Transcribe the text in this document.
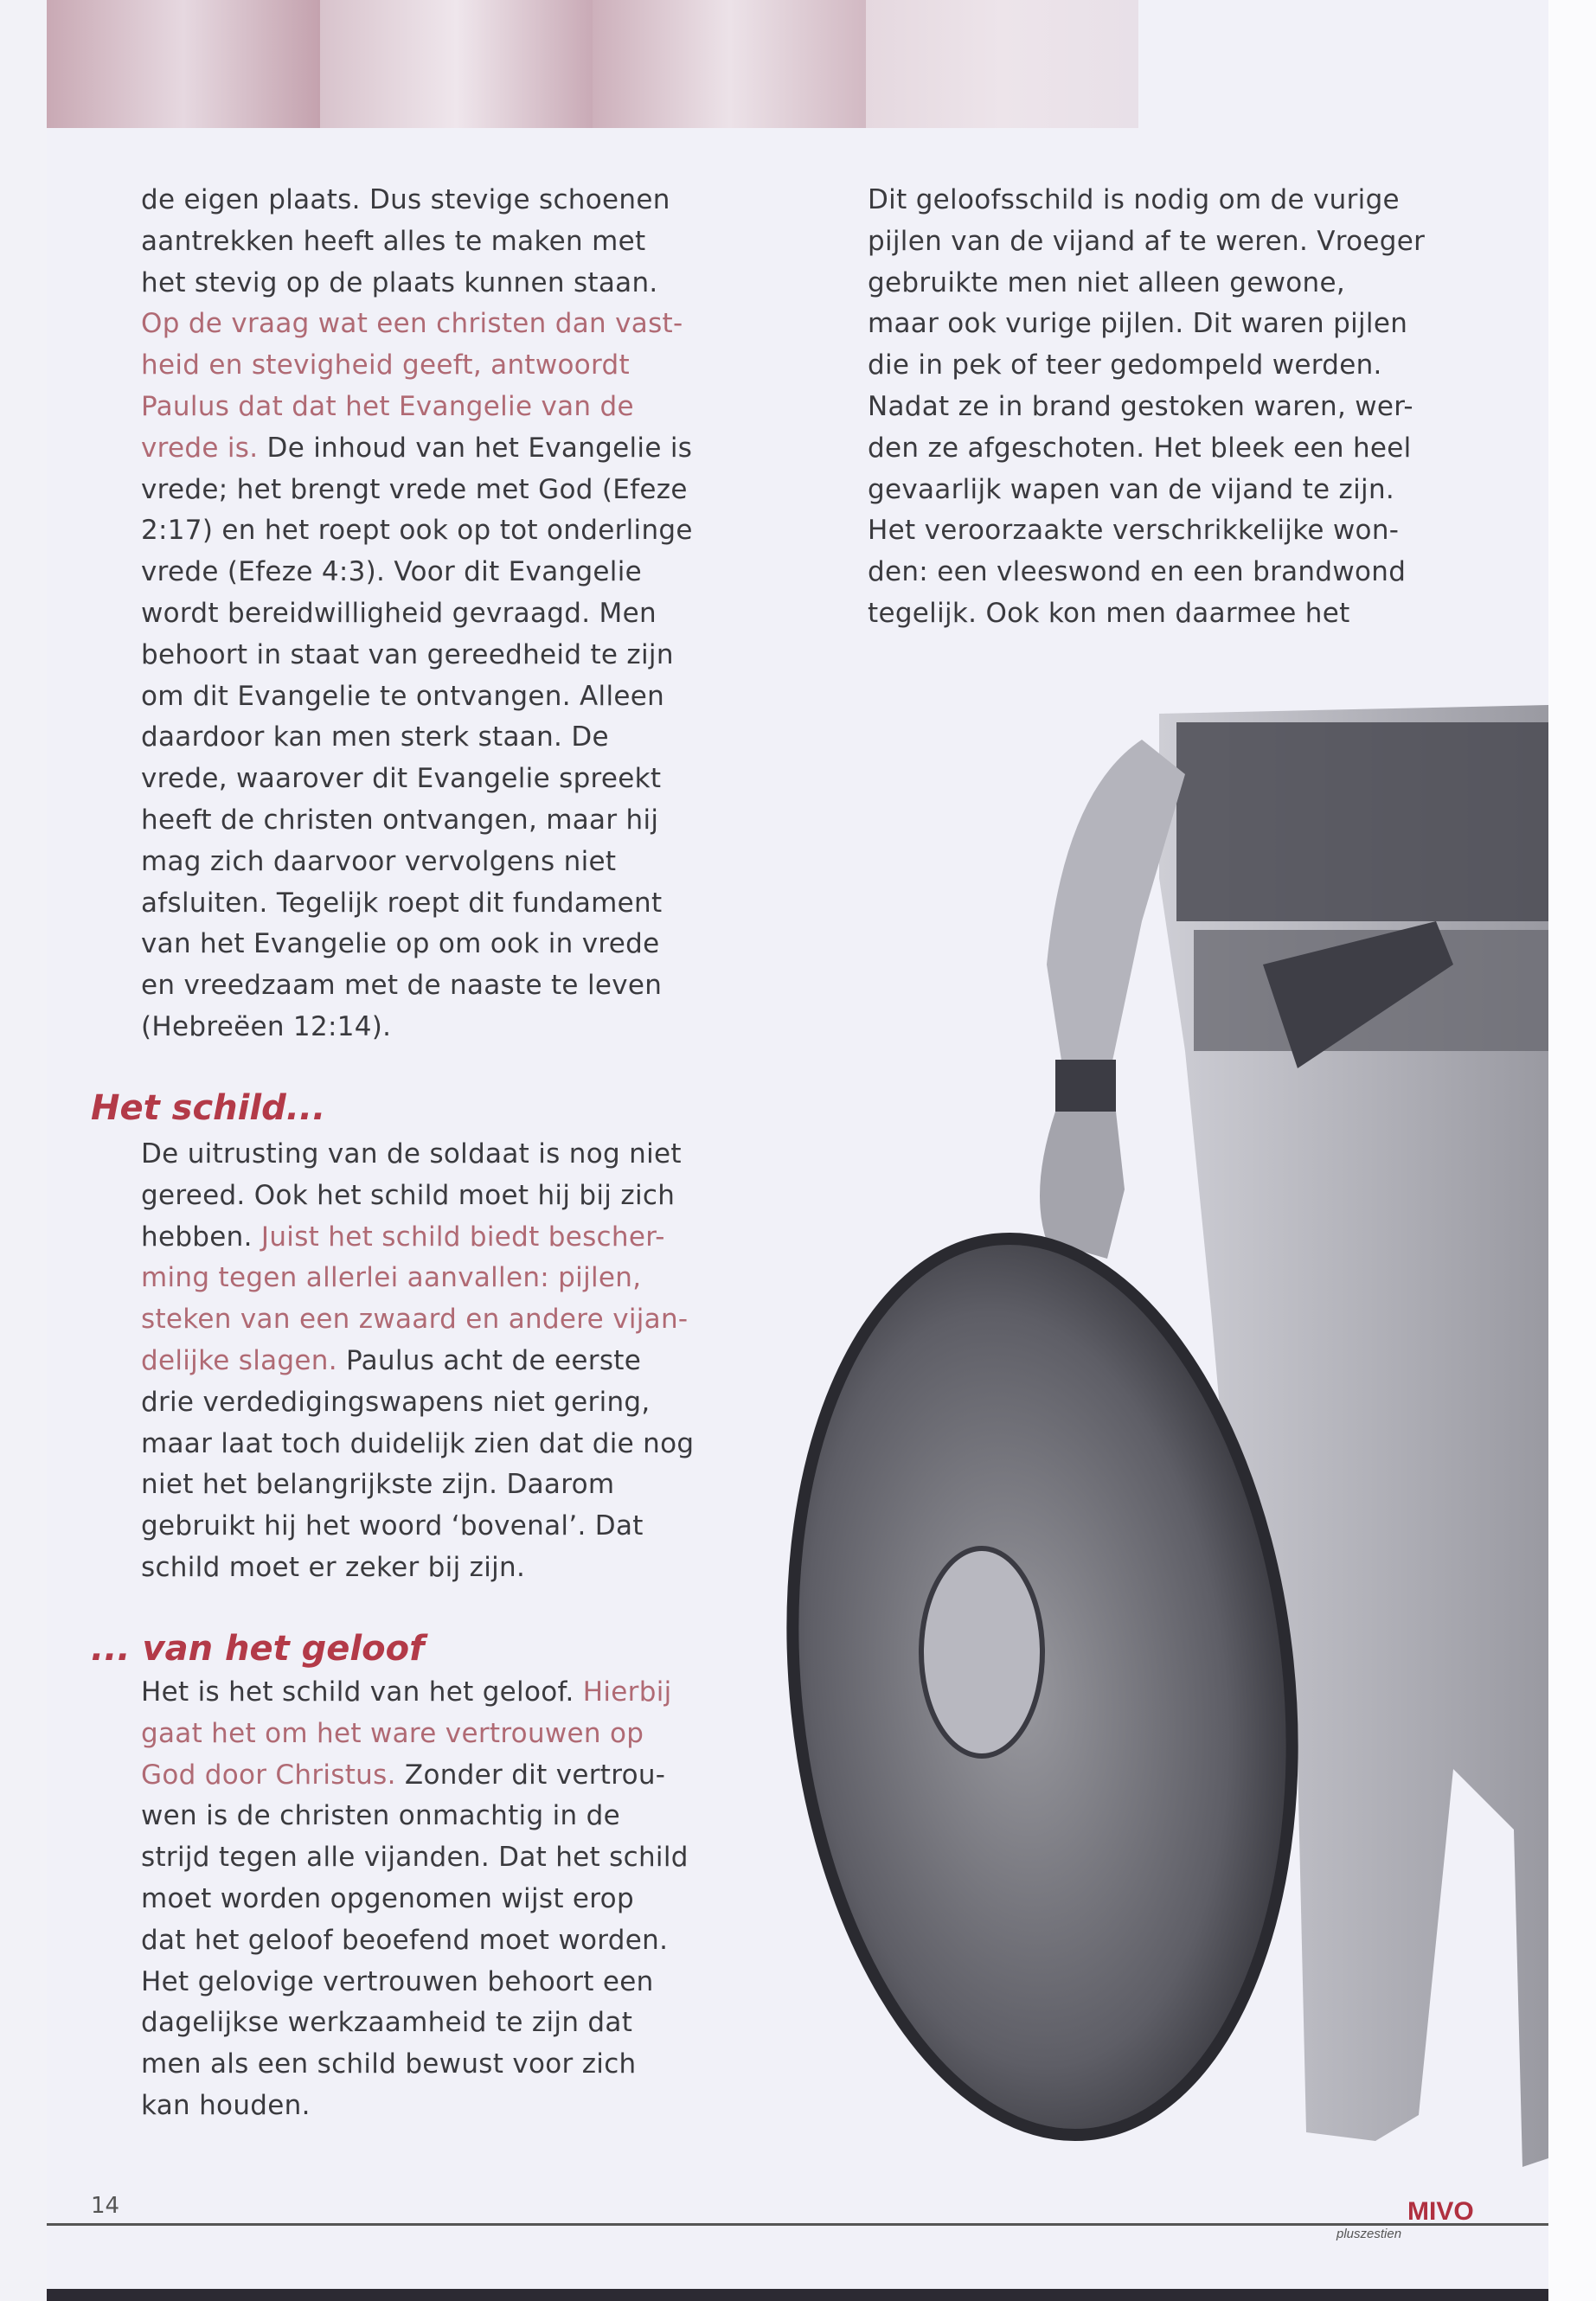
de eigen plaats. Dus stevige schoenen
aantrekken heeft alles te maken met
het stevig op de plaats kunnen staan.
Op de vraag wat een christen dan vast-
heid en stevigheid geeft, antwoordt
Paulus dat dat het Evangelie van de
vrede is. De inhoud van het Evangelie is
vrede; het brengt vrede met God (Efeze
2:17) en het roept ook op tot onderlinge
vrede (Efeze 4:3). Voor dit Evangelie
wordt bereidwilligheid gevraagd. Men
behoort in staat van gereedheid te zijn
om dit Evangelie te ontvangen. Alleen
daardoor kan men sterk staan. De
vrede, waarover dit Evangelie spreekt
heeft de christen ontvangen, maar hij
mag zich daarvoor vervolgens niet
afsluiten. Tegelijk roept dit fundament
van het Evangelie op om ook in vrede
en vreedzaam met de naaste te leven
(Hebreëen 12:14).
Het schild...
De uitrusting van de soldaat is nog niet
gereed. Ook het schild moet hij bij zich
hebben. Juist het schild biedt bescher-
ming tegen allerlei aanvallen: pijlen,
steken van een zwaard en andere vijan-
delijke slagen. Paulus acht de eerste
drie verdedigingswapens niet gering,
maar laat toch duidelijk zien dat die nog
niet het belangrijkste zijn. Daarom
gebruikt hij het woord ‘bovenal’. Dat
schild moet er zeker bij zijn.
... van het geloof
Het is het schild van het geloof. Hierbij
gaat het om het ware vertrouwen op
God door Christus. Zonder dit vertrou-
wen is de christen onmachtig in de
strijd tegen alle vijanden. Dat het schild
moet worden opgenomen wijst erop
dat het geloof beoefend moet worden.
Het gelovige vertrouwen behoort een
dagelijkse werkzaamheid te zijn dat
men als een schild bewust voor zich
kan houden.
Dit geloofsschild is nodig om de vurige
pijlen van de vijand af te weren. Vroeger
gebruikte men niet alleen gewone,
maar ook vurige pijlen. Dit waren pijlen
die in pek of teer gedompeld werden.
Nadat ze in brand gestoken waren, wer-
den ze afgeschoten. Het bleek een heel
gevaarlijk wapen van de vijand te zijn.
Het veroorzaakte verschrikkelijke won-
den: een vleeswond en een brandwond
tegelijk. Ook kon men daarmee het
14	MIVO
pluszestien
